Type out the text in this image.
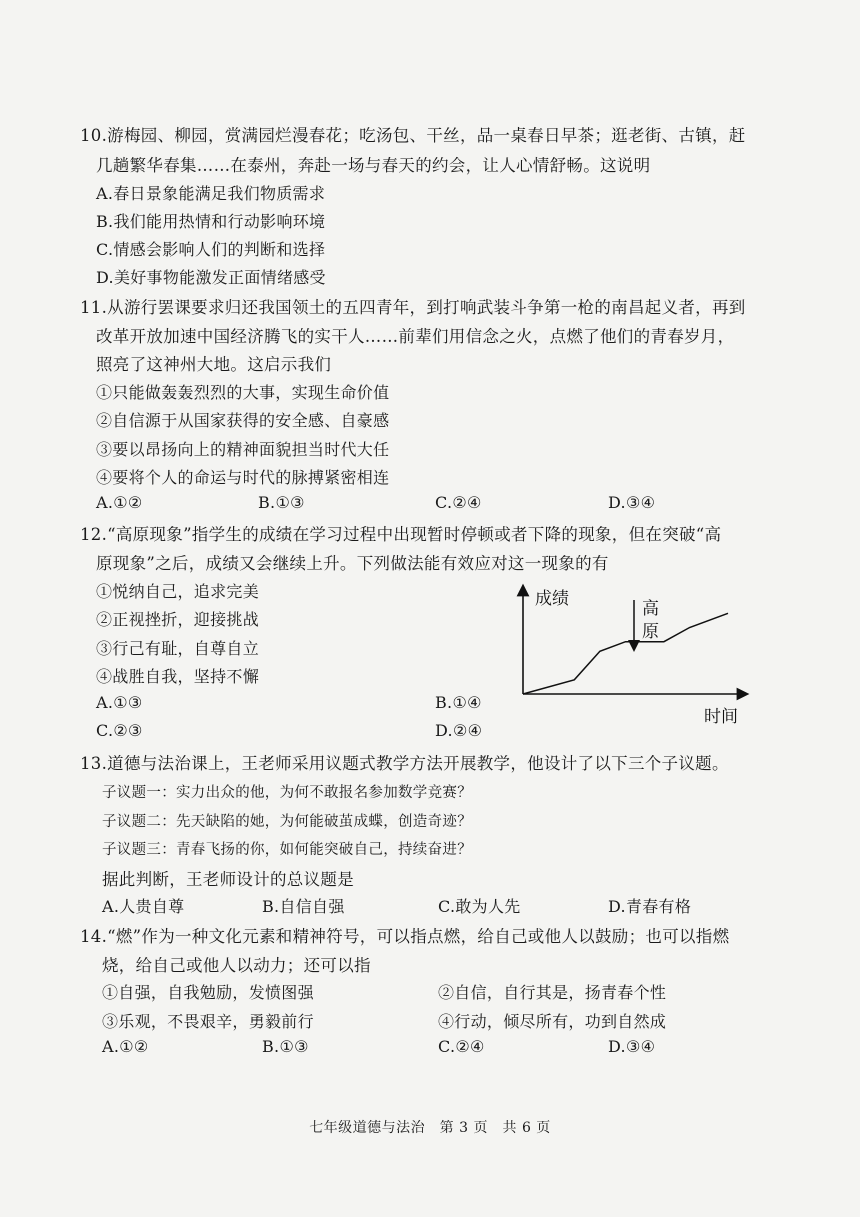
10.游梅园、柳园，赏满园烂漫春花；吃汤包、干丝，品一桌春日早茶；逛老街、古镇，赶
几趟繁华春集……在泰州，奔赴一场与春天的约会，让人心情舒畅。这说明
A.春日景象能满足我们物质需求
B.我们能用热情和行动影响环境
C.情感会影响人们的判断和选择
D.美好事物能激发正面情绪感受
11.从游行罢课要求归还我国领土的五四青年，到打响武装斗争第一枪的南昌起义者，再到
改革开放加速中国经济腾飞的实干人……前辈们用信念之火，点燃了他们的青春岁月，
照亮了这神州大地。这启示我们
①只能做轰轰烈烈的大事，实现生命价值
②自信源于从国家获得的安全感、自豪感
③要以昂扬向上的精神面貌担当时代大任
④要将个人的命运与时代的脉搏紧密相连
A.①②	B.①③	C.②④	D.③④
12.“高原现象”指学生的成绩在学习过程中出现暂时停顿或者下降的现象，但在突破“高
原现象”之后，成绩又会继续上升。下列做法能有效应对这一现象的有
①悦纳自己，追求完美
②正视挫折，迎接挑战
③行己有耻，自尊自立
④战胜自我，坚持不懈
A.①③	B.①④
C.②③	D.②④
成绩
时间
高
原
13.道德与法治课上，王老师采用议题式教学方法开展教学，他设计了以下三个子议题。
子议题一：实力出众的他，为何不敢报名参加数学竞赛？
子议题二：先天缺陷的她，为何能破茧成蝶，创造奇迹？
子议题三：青春飞扬的你，如何能突破自己，持续奋进？
据此判断，王老师设计的总议题是
A.人贵自尊	B.自信自强	C.敢为人先	D.青春有格
14.“燃”作为一种文化元素和精神符号，可以指点燃，给自己或他人以鼓励；也可以指燃
烧，给自己或他人以动力；还可以指
①自强，自我勉励，发愤图强	②自信，自行其是，扬青春个性
③乐观，不畏艰辛，勇毅前行	④行动，倾尽所有，功到自然成
A.①②	B.①③	C.②④	D.③④
七年级道德与法治　第 3 页　共 6 页
